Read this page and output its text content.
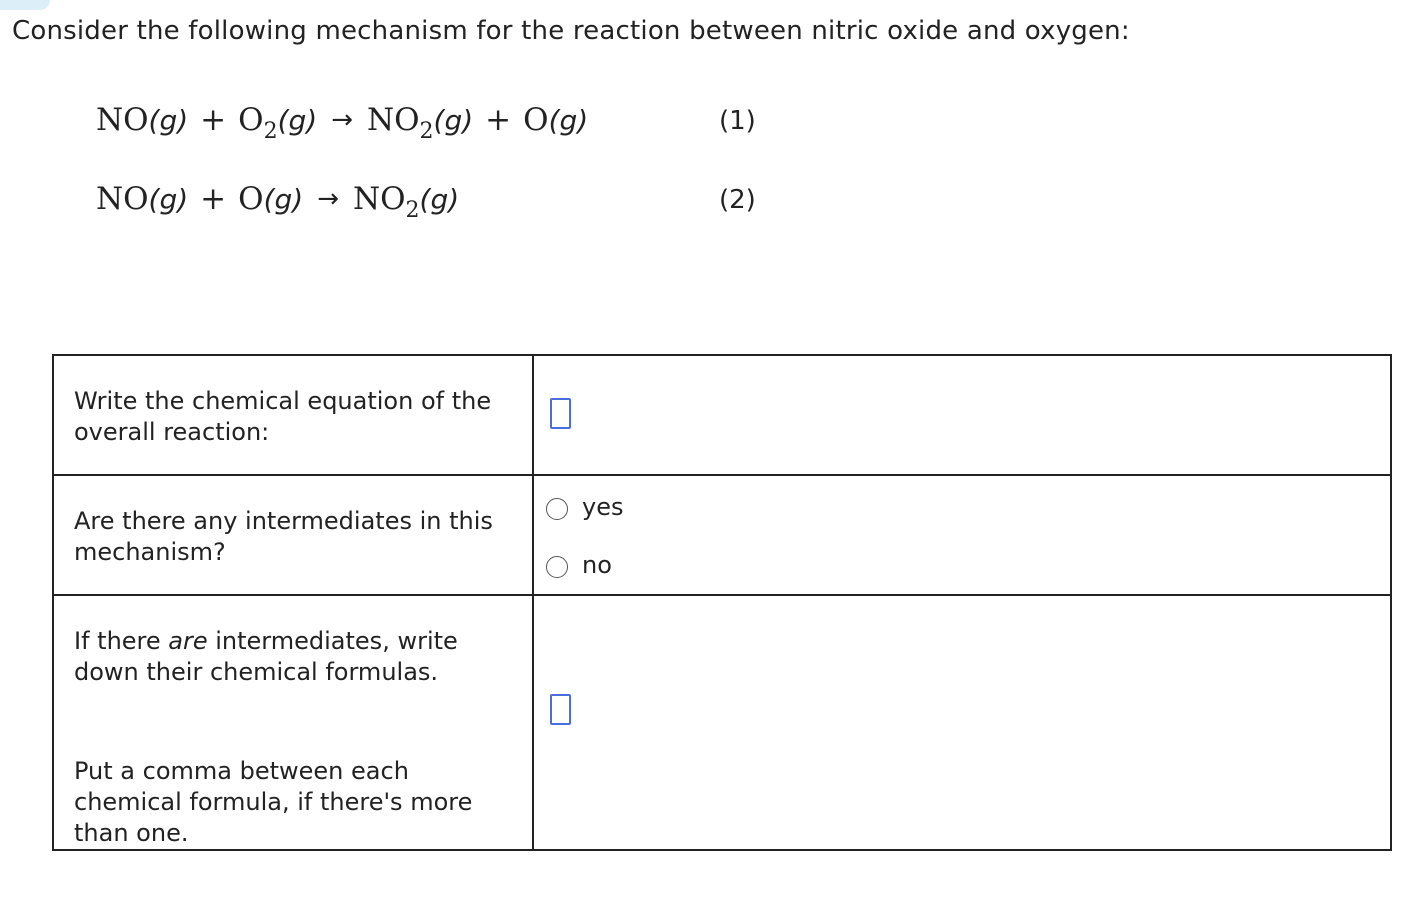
Consider the following mechanism for the reaction between nitric oxide and oxygen:

$NO(g) + O_2(g) \to NO_2(g) + O(g)$	(1)
$NO(g) + O(g) \to NO_2(g)$	(2)
Write the chemical equation of the overall reaction:	

Are there any intermediates in this mechanism?	yes
no

If there are intermediates, write down their chemical formulas.
Put a comma between each chemical formula, if there's more than one.	
